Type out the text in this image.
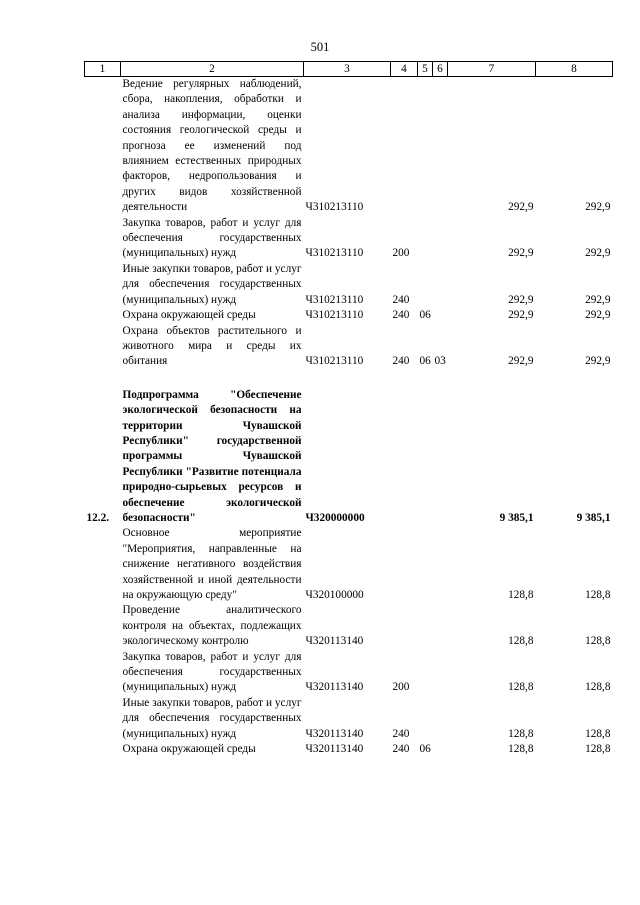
501
1	2	3	4	5	6	7	8
	Ведение регулярных наблюдений, сбора, накопления, обработки и анализа информации, оценки состояния геологической среды и прогноза ее изменений под влиянием естественных природных факторов, недропользования и других видов хозяйственной деятельности	Ч310213110				292,9	292,9
	Закупка товаров, работ и услуг для обеспечения государственных (муниципальных) нужд	Ч310213110	200			292,9	292,9
	Иные закупки товаров, работ и услуг для обеспечения государственных (муниципальных) нужд	Ч310213110	240			292,9	292,9
	Охрана окружающей среды	Ч310213110	240	06		292,9	292,9
	Охрана объектов растительного и животного мира и среды их обитания	Ч310213110	240	06	03	292,9	292,9

12.2.	Подпрограмма "Обеспечение экологической безопасности на территории Чувашской Республики" государственной программы Чувашской Республики "Развитие потенциала природно-сырьевых ресурсов и обеспечение экологической безопасности"	Ч320000000				9 385,1	9 385,1
	Основное мероприятие "Мероприятия, направленные на снижение негативного воздействия хозяйственной и иной деятельности на окружающую среду"	Ч320100000				128,8	128,8
	Проведение аналитического контроля на объектах, подлежащих экологическому контролю	Ч320113140				128,8	128,8
	Закупка товаров, работ и услуг для обеспечения государственных (муниципальных) нужд	Ч320113140	200			128,8	128,8
	Иные закупки товаров, работ и услуг для обеспечения государственных (муниципальных) нужд	Ч320113140	240			128,8	128,8
	Охрана окружающей среды	Ч320113140	240	06		128,8	128,8
